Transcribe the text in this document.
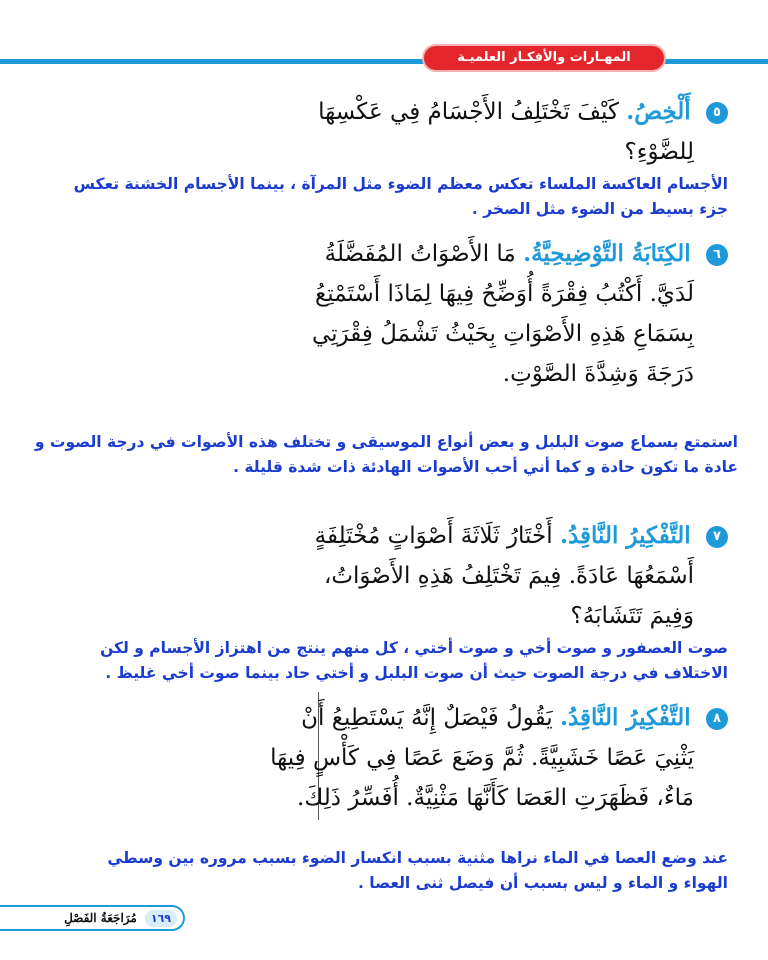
المهـارات والأفكـار العلميـة
٥ أَلْخِصُ. كَيْفَ تَخْتَلِفُ الأَجْسَامُ فِي عَكْسِهَا
لِلضَّوْءِ؟
الأجسام العاكسة الملساء تعكس معظم الضوء مثل المرآة ، بينما الأجسام الخشنة تعكس
جزء بسيط من الضوء مثل الصخر .
٦ الكِتَابَةُ التَّوْضِيحِيَّةُ. مَا الأَصْوَاتُ المُفَضَّلَةُ
لَدَيَّ. أَكْتُبُ فِقْرَةً أُوَضِّحُ فِيهَا لِمَاذَا أَسْتَمْتِعُ
بِسَمَاعِ هَذِهِ الأَصْوَاتِ بِحَيْثُ تَشْمَلُ فِقْرَتِي
دَرَجَةَ وَشِدَّةَ الصَّوْتِ.
استمتع بسماع صوت البلبل و بعض أنواع الموسيقى و تختلف هذه الأصوات في درجة الصوت و
عادة ما تكون حادة و كما أني أحب الأصوات الهادئة ذات شدة قليلة .
٧ التَّفْكِيرُ النَّاقِدُ. أَخْتَارُ ثَلَاثَةَ أَصْوَاتٍ مُخْتَلِفَةٍ
أَسْمَعُهَا عَادَةً. فِيمَ تَخْتَلِفُ هَذِهِ الأَصْوَاتُ،
وَفِيمَ تَتَشَابَهُ؟
صوت العصفور و صوت أخي و صوت أختي ، كل منهم ينتج من اهتزاز الأجسام و لكن
الاختلاف في درجة الصوت حيث أن صوت البلبل و أختي حاد بينما صوت أخي غليظ .
٨ التَّفْكِيرُ النَّاقِدُ. يَقُولُ فَيْصَلٌ إِنَّهُ يَسْتَطِيعُ أَنْ
يَثْنِيَ عَصًا خَشَبِيَّةً. ثُمَّ وَضَعَ عَصًا فِي كَأْسٍ فِيهَا
مَاءٌ، فَظَهَرَتِ العَصَا كَأَنَّهَا مَثْنِيَّةٌ. أُفَسِّرُ ذَلِكَ.
عند وضع العصا في الماء نراها مثنية بسبب انكسار الضوء بسبب مروره بين وسطي
الهواء و الماء و ليس بسبب أن فيصل ثنى العصا .
مُرَاجَعَةُ الفَصْلِ	١٦٩
